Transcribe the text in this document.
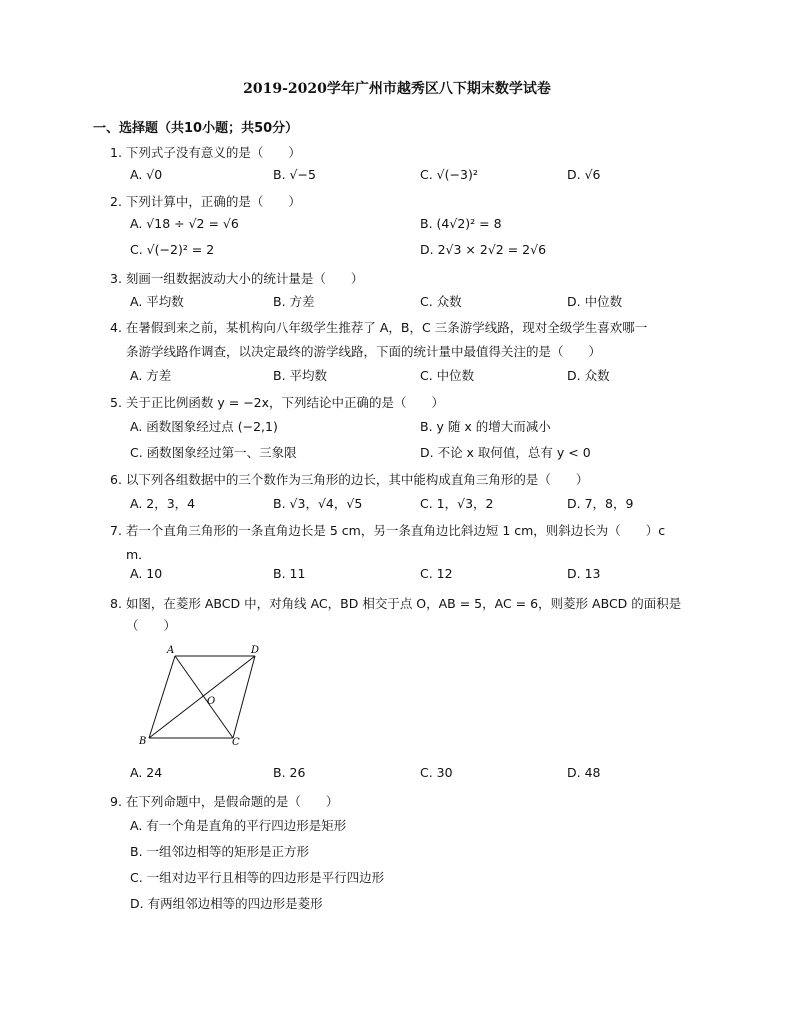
2019-2020学年广州市越秀区八下期末数学试卷
一、选择题（共10小题；共50分）
1. 下列式子没有意义的是（　　）
A. √0	B. √−5	C. √(−3)²	D. √6
2. 下列计算中，正确的是（　　）
A. √18 ÷ √2 = √6	B. (4√2)² = 8
C. √(−2)² = 2	D. 2√3 × 2√2 = 2√6
3. 刻画一组数据波动大小的统计量是（　　）
A. 平均数	B. 方差	C. 众数	D. 中位数
4. 在暑假到来之前，某机构向八年级学生推荐了 A，B，C 三条游学线路，现对全级学生喜欢哪一
条游学线路作调查，以决定最终的游学线路，下面的统计量中最值得关注的是（　　）
A. 方差	B. 平均数	C. 中位数	D. 众数
5. 关于正比例函数 y = −2x，下列结论中正确的是（　　）
A. 函数图象经过点 (−2,1)	B. y 随 x 的增大而减小
C. 函数图象经过第一、三象限	D. 不论 x 取何值，总有 y < 0
6. 以下列各组数据中的三个数作为三角形的边长，其中能构成直角三角形的是（　　）
A. 2，3，4	B. √3，√4，√5	C. 1，√3，2	D. 7，8，9
7. 若一个直角三角形的一条直角边长是 5 cm，另一条直角边比斜边短 1 cm，则斜边长为（　　）c
m．
A. 10	B. 11	C. 12	D. 13
8. 如图，在菱形 ABCD 中，对角线 AC，BD 相交于点 O，AB = 5，AC = 6，则菱形 ABCD 的面积是
（　　）
A	D
B	C
O
A. 24	B. 26	C. 30	D. 48
9. 在下列命题中，是假命题的是（　　）
A. 有一个角是直角的平行四边形是矩形
B. 一组邻边相等的矩形是正方形
C. 一组对边平行且相等的四边形是平行四边形
D. 有两组邻边相等的四边形是菱形
